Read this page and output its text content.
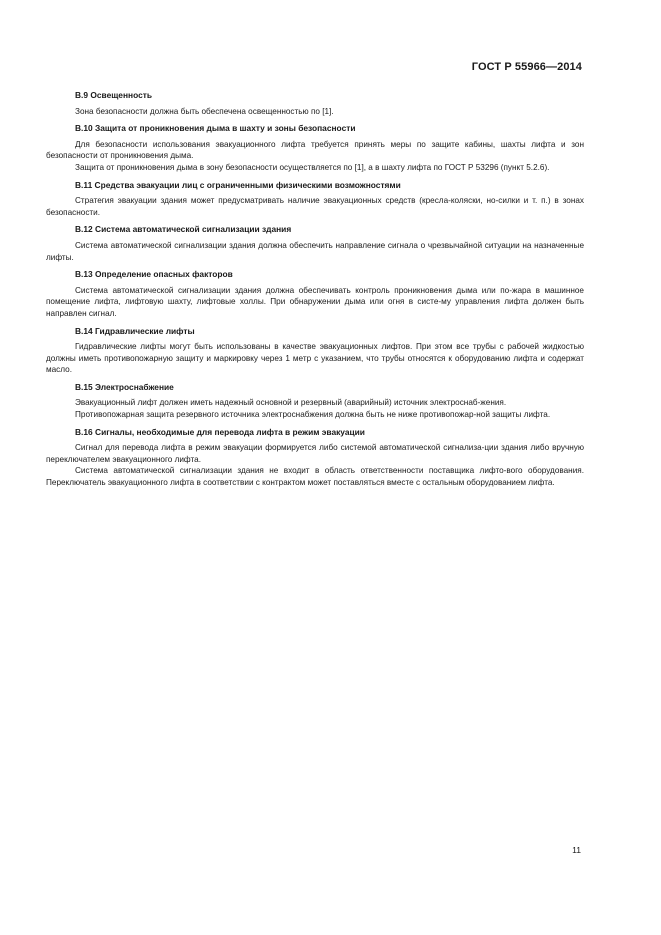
ГОСТ Р 55966—2014
В.9 Освещенность

Зона безопасности должна быть обеспечена освещенностью по [1].

В.10 Защита от проникновения дыма в шахту и зоны безопасности

Для безопасности использования эвакуационного лифта требуется принять меры по защите кабины, шахты лифта и зон безопасности от проникновения дыма.

Защита от проникновения дыма в зону безопасности осуществляется по [1], а в шахту лифта по ГОСТ Р 53296 (пункт 5.2.6).

В.11 Средства эвакуации лиц с ограниченными физическими возможностями

Стратегия эвакуации здания может предусматривать наличие эвакуационных средств (кресла-коляски, но-силки и т. п.) в зонах безопасности.

В.12 Система автоматической сигнализации здания

Система автоматической сигнализации здания должна обеспечить направление сигнала о чрезвычайной ситуации на назначенные лифты.

В.13 Определение опасных факторов

Система автоматической сигнализации здания должна обеспечивать контроль проникновения дыма или по-жара в машинное помещение лифта, лифтовую шахту, лифтовые холлы. При обнаружении дыма или огня в систе-му управления лифта должен быть направлен сигнал.

В.14 Гидравлические лифты

Гидравлические лифты могут быть использованы в качестве эвакуационных лифтов. При этом все трубы с рабочей жидкостью должны иметь противопожарную защиту и маркировку через 1 метр с указанием, что трубы относятся к оборудованию лифта и содержат масло.

В.15 Электроснабжение

Эвакуационный лифт должен иметь надежный основной и резервный (аварийный) источник электроснаб-жения.

Противопожарная защита резервного источника электроснабжения должна быть не ниже противопожар-ной защиты лифта.

В.16 Сигналы, необходимые для перевода лифта в режим эвакуации

Сигнал для перевода лифта в режим эвакуации формируется либо системой автоматической сигнализа-ции здания либо вручную переключателем эвакуационного лифта.

Система автоматической сигнализации здания не входит в область ответственности поставщика лифто-вого оборудования. Переключатель эвакуационного лифта в соответствии с контрактом может поставляться вместе с остальным оборудованием лифта.

11
